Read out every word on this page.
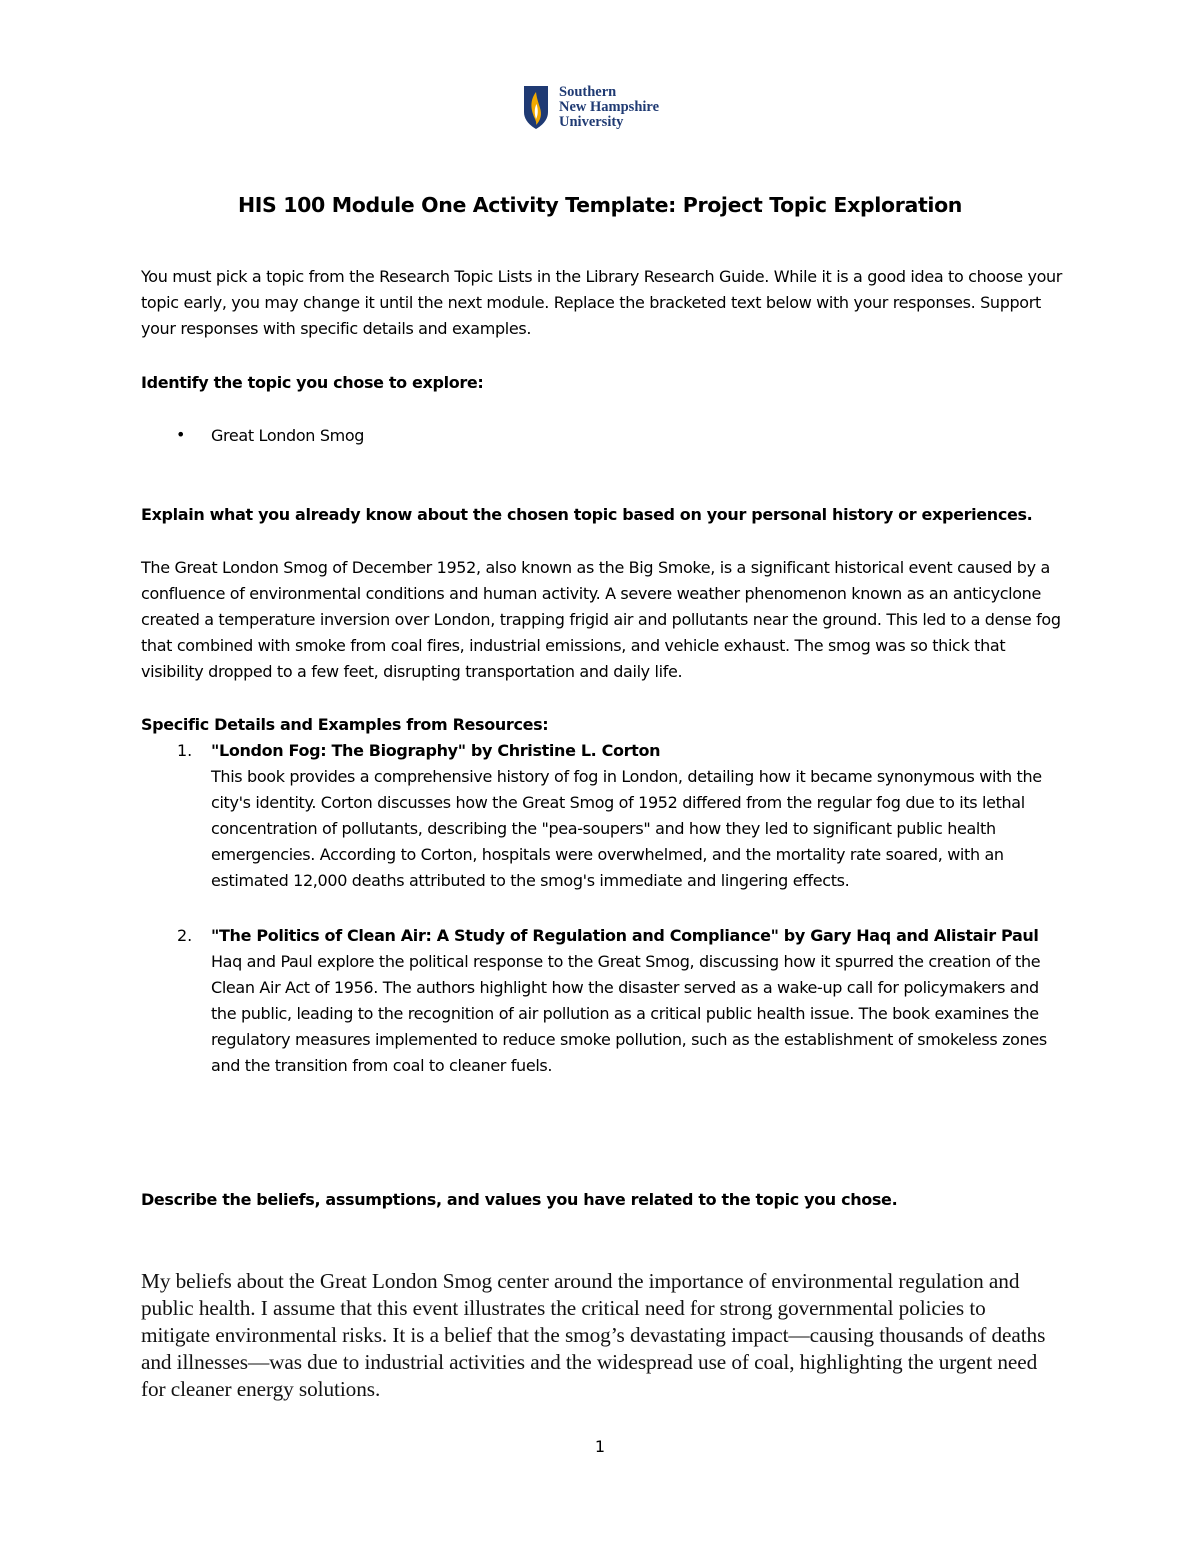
Southern
New Hampshire
University
HIS 100 Module One Activity Template: Project Topic Exploration
You must pick a topic from the Research Topic Lists in the Library Research Guide. While it is a good idea to choose your topic early, you may change it until the next module. Replace the bracketed text below with your responses. Support your responses with specific details and examples.
Identify the topic you chose to explore:
• Great London Smog
Explain what you already know about the chosen topic based on your personal history or experiences.
The Great London Smog of December 1952, also known as the Big Smoke, is a significant historical event caused by a confluence of environmental conditions and human activity. A severe weather phenomenon known as an anticyclone created a temperature inversion over London, trapping frigid air and pollutants near the ground. This led to a dense fog that combined with smoke from coal fires, industrial emissions, and vehicle exhaust. The smog was so thick that visibility dropped to a few feet, disrupting transportation and daily life.
Specific Details and Examples from Resources:
1. "London Fog: The Biography" by Christine L. Corton
This book provides a comprehensive history of fog in London, detailing how it became synonymous with the city's identity. Corton discusses how the Great Smog of 1952 differed from the regular fog due to its lethal concentration of pollutants, describing the "pea-soupers" and how they led to significant public health emergencies. According to Corton, hospitals were overwhelmed, and the mortality rate soared, with an estimated 12,000 deaths attributed to the smog's immediate and lingering effects.
2. "The Politics of Clean Air: A Study of Regulation and Compliance" by Gary Haq and Alistair Paul
Haq and Paul explore the political response to the Great Smog, discussing how it spurred the creation of the Clean Air Act of 1956. The authors highlight how the disaster served as a wake-up call for policymakers and the public, leading to the recognition of air pollution as a critical public health issue. The book examines the regulatory measures implemented to reduce smoke pollution, such as the establishment of smokeless zones and the transition from coal to cleaner fuels.
Describe the beliefs, assumptions, and values you have related to the topic you chose.
My beliefs about the Great London Smog center around the importance of environmental regulation and public health. I assume that this event illustrates the critical need for strong governmental policies to mitigate environmental risks. It is a belief that the smog’s devastating impact—causing thousands of deaths and illnesses—was due to industrial activities and the widespread use of coal, highlighting the urgent need for cleaner energy solutions.
1
